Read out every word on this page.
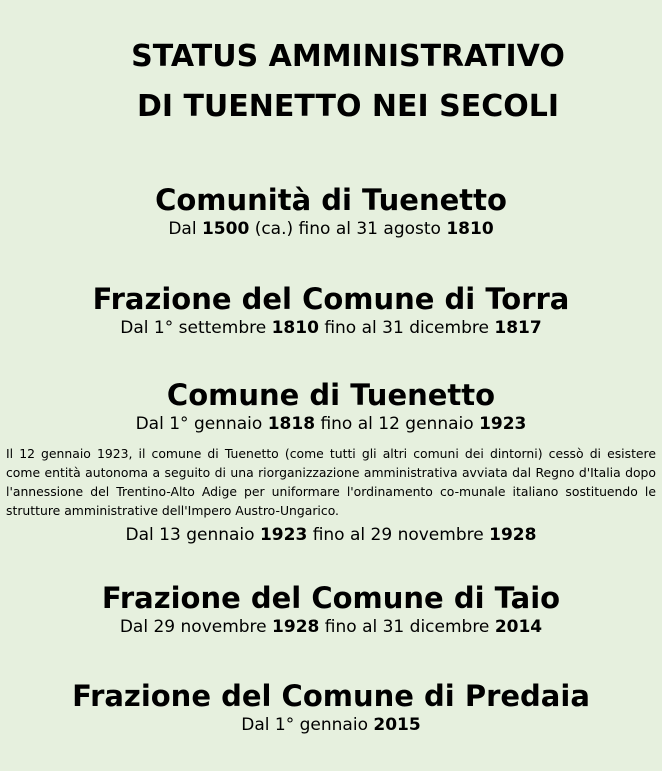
STATUS AMMINISTRATIVO
DI TUENETTO NEI SECOLI

Comunità di Tuenetto

Dal 1500 (ca.) fino al 31 agosto 1810

Frazione del Comune di Torra

Dal 1° settembre 1810 fino al 31 dicembre 1817

Comune di Tuenetto

Dal 1° gennaio 1818 fino al 12 gennaio 1923

Il 12 gennaio 1923, il comune di Tuenetto (come tutti gli altri comuni dei dintorni) cessò di esistere come entità autonoma a seguito di una riorganizzazione amministrativa avviata dal Regno d'Italia dopo l'annessione del Trentino-Alto Adige per uniformare l'ordinamento co-munale italiano sostituendo le strutture amministrative dell'Impero Austro-Ungarico.

Dal 13 gennaio 1923 fino al 29 novembre 1928

Frazione del Comune di Taio

Dal 29 novembre 1928 fino al 31 dicembre 2014

Frazione del Comune di Predaia

Dal 1° gennaio 2015
